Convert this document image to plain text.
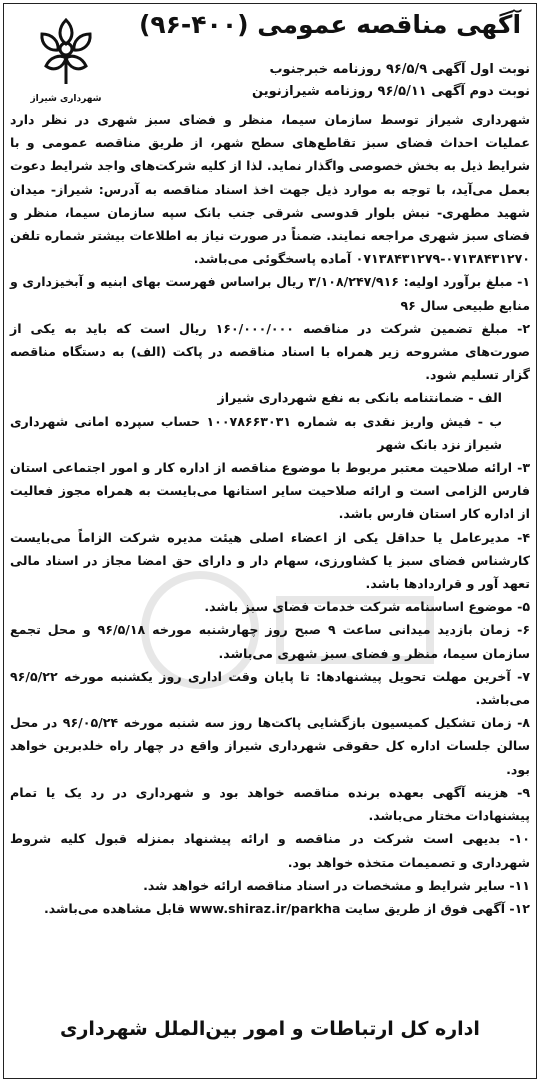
شهرداری شیراز
آگهی مناقصه عمومی (۴۰۰-۹۶)
نوبت اول آگهی ۹۶/۵/۹ روزنامه خبرجنوب
نوبت دوم آگهی ۹۶/۵/۱۱ روزنامه شیرازنوین

شهرداری شیراز توسط سازمان سیما، منظر و فضای سبز شهری در نظر دارد عملیات احداث فضای سبز تقاطع‌های سطح شهر، از طریق مناقصه عمومی و با شرایط ذیل به بخش خصوصی واگذار نماید. لذا از کلیه شرکت‌های واجد شرایط دعوت بعمل می‌آید، با توجه به موارد ذیل جهت اخذ اسناد مناقصه به آدرس: شیراز- میدان شهید مطهری- نبش بلوار قدوسی شرقی جنب بانک سپه سازمان سیما، منظر و فضای سبز شهری مراجعه نمایند. ضمناً در صورت نیاز به اطلاعات بیشتر شماره تلفن ۰۷۱۳۸۴۳۱۲۷۰-۰۷۱۳۸۴۳۱۲۷۹ آماده پاسخگوئی می‌باشد.

۱- مبلغ برآورد اولیه: ۳/۱۰۸/۲۴۷/۹۱۶ ریال براساس فهرست بهای ابنیه و آبخیزداری و منابع طبیعی سال ۹۶

۲- مبلغ تضمین شرکت در مناقصه ۱۶۰/۰۰۰/۰۰۰ ریال است که باید به یکی از صورت‌های مشروحه زیر همراه با اسناد مناقصه در پاکت (الف) به دستگاه مناقصه گزار تسلیم شود.

الف - ضمانتنامه بانکی به نفع شهرداری شیراز

ب - فیش واریز نقدی به شماره ۱۰۰۷۸۶۶۳۰۳۱ حساب سپرده امانی شهرداری شیراز نزد بانک شهر

۳- ارائه صلاحیت معتبر مربوط با موضوع مناقصه از اداره کار و امور اجتماعی استان فارس الزامی است و ارائه صلاحیت سایر استانها می‌بایست به همراه مجوز فعالیت از اداره کار استان فارس باشد.

۴- مدیرعامل یا حداقل یکی از اعضاء اصلی هیئت مدیره شرکت الزاماً می‌بایست کارشناس فضای سبز یا کشاورزی، سهام دار و دارای حق امضا مجاز در اسناد مالی تعهد آور و قراردادها باشد.

۵- موضوع اساسنامه شرکت خدمات فضای سبز باشد.

۶- زمان بازدید میدانی ساعت ۹ صبح روز چهارشنبه مورخه ۹۶/۵/۱۸ و محل تجمع سازمان سیما، منظر و فضای سبز شهری می‌باشد.

۷- آخرین مهلت تحویل پیشنهادها: تا پایان وقت اداری روز یکشنبه مورخه ۹۶/۵/۲۲ می‌باشد.

۸- زمان تشکیل کمیسیون بازگشایی پاکت‌ها روز سه شنبه مورخه ۹۶/۰۵/۲۴ در محل سالن جلسات اداره کل حقوقی شهرداری شیراز واقع در چهار راه خلدبرین خواهد بود.

۹- هزینه آگهی بعهده برنده مناقصه خواهد بود و شهرداری در رد یک یا تمام پیشنهادات مختار می‌باشد.

۱۰- بدیهی است شرکت در مناقصه و ارائه پیشنهاد بمنزله قبول کلیه شروط شهرداری و تصمیمات متخذه خواهد بود.

۱۱- سایر شرایط و مشخصات در اسناد مناقصه ارائه خواهد شد.

۱۲- آگهی فوق از طریق سایت www.shiraz.ir/parkha قابل مشاهده می‌باشد.

اداره کل ارتباطات و امور بین‌الملل شهرداری
